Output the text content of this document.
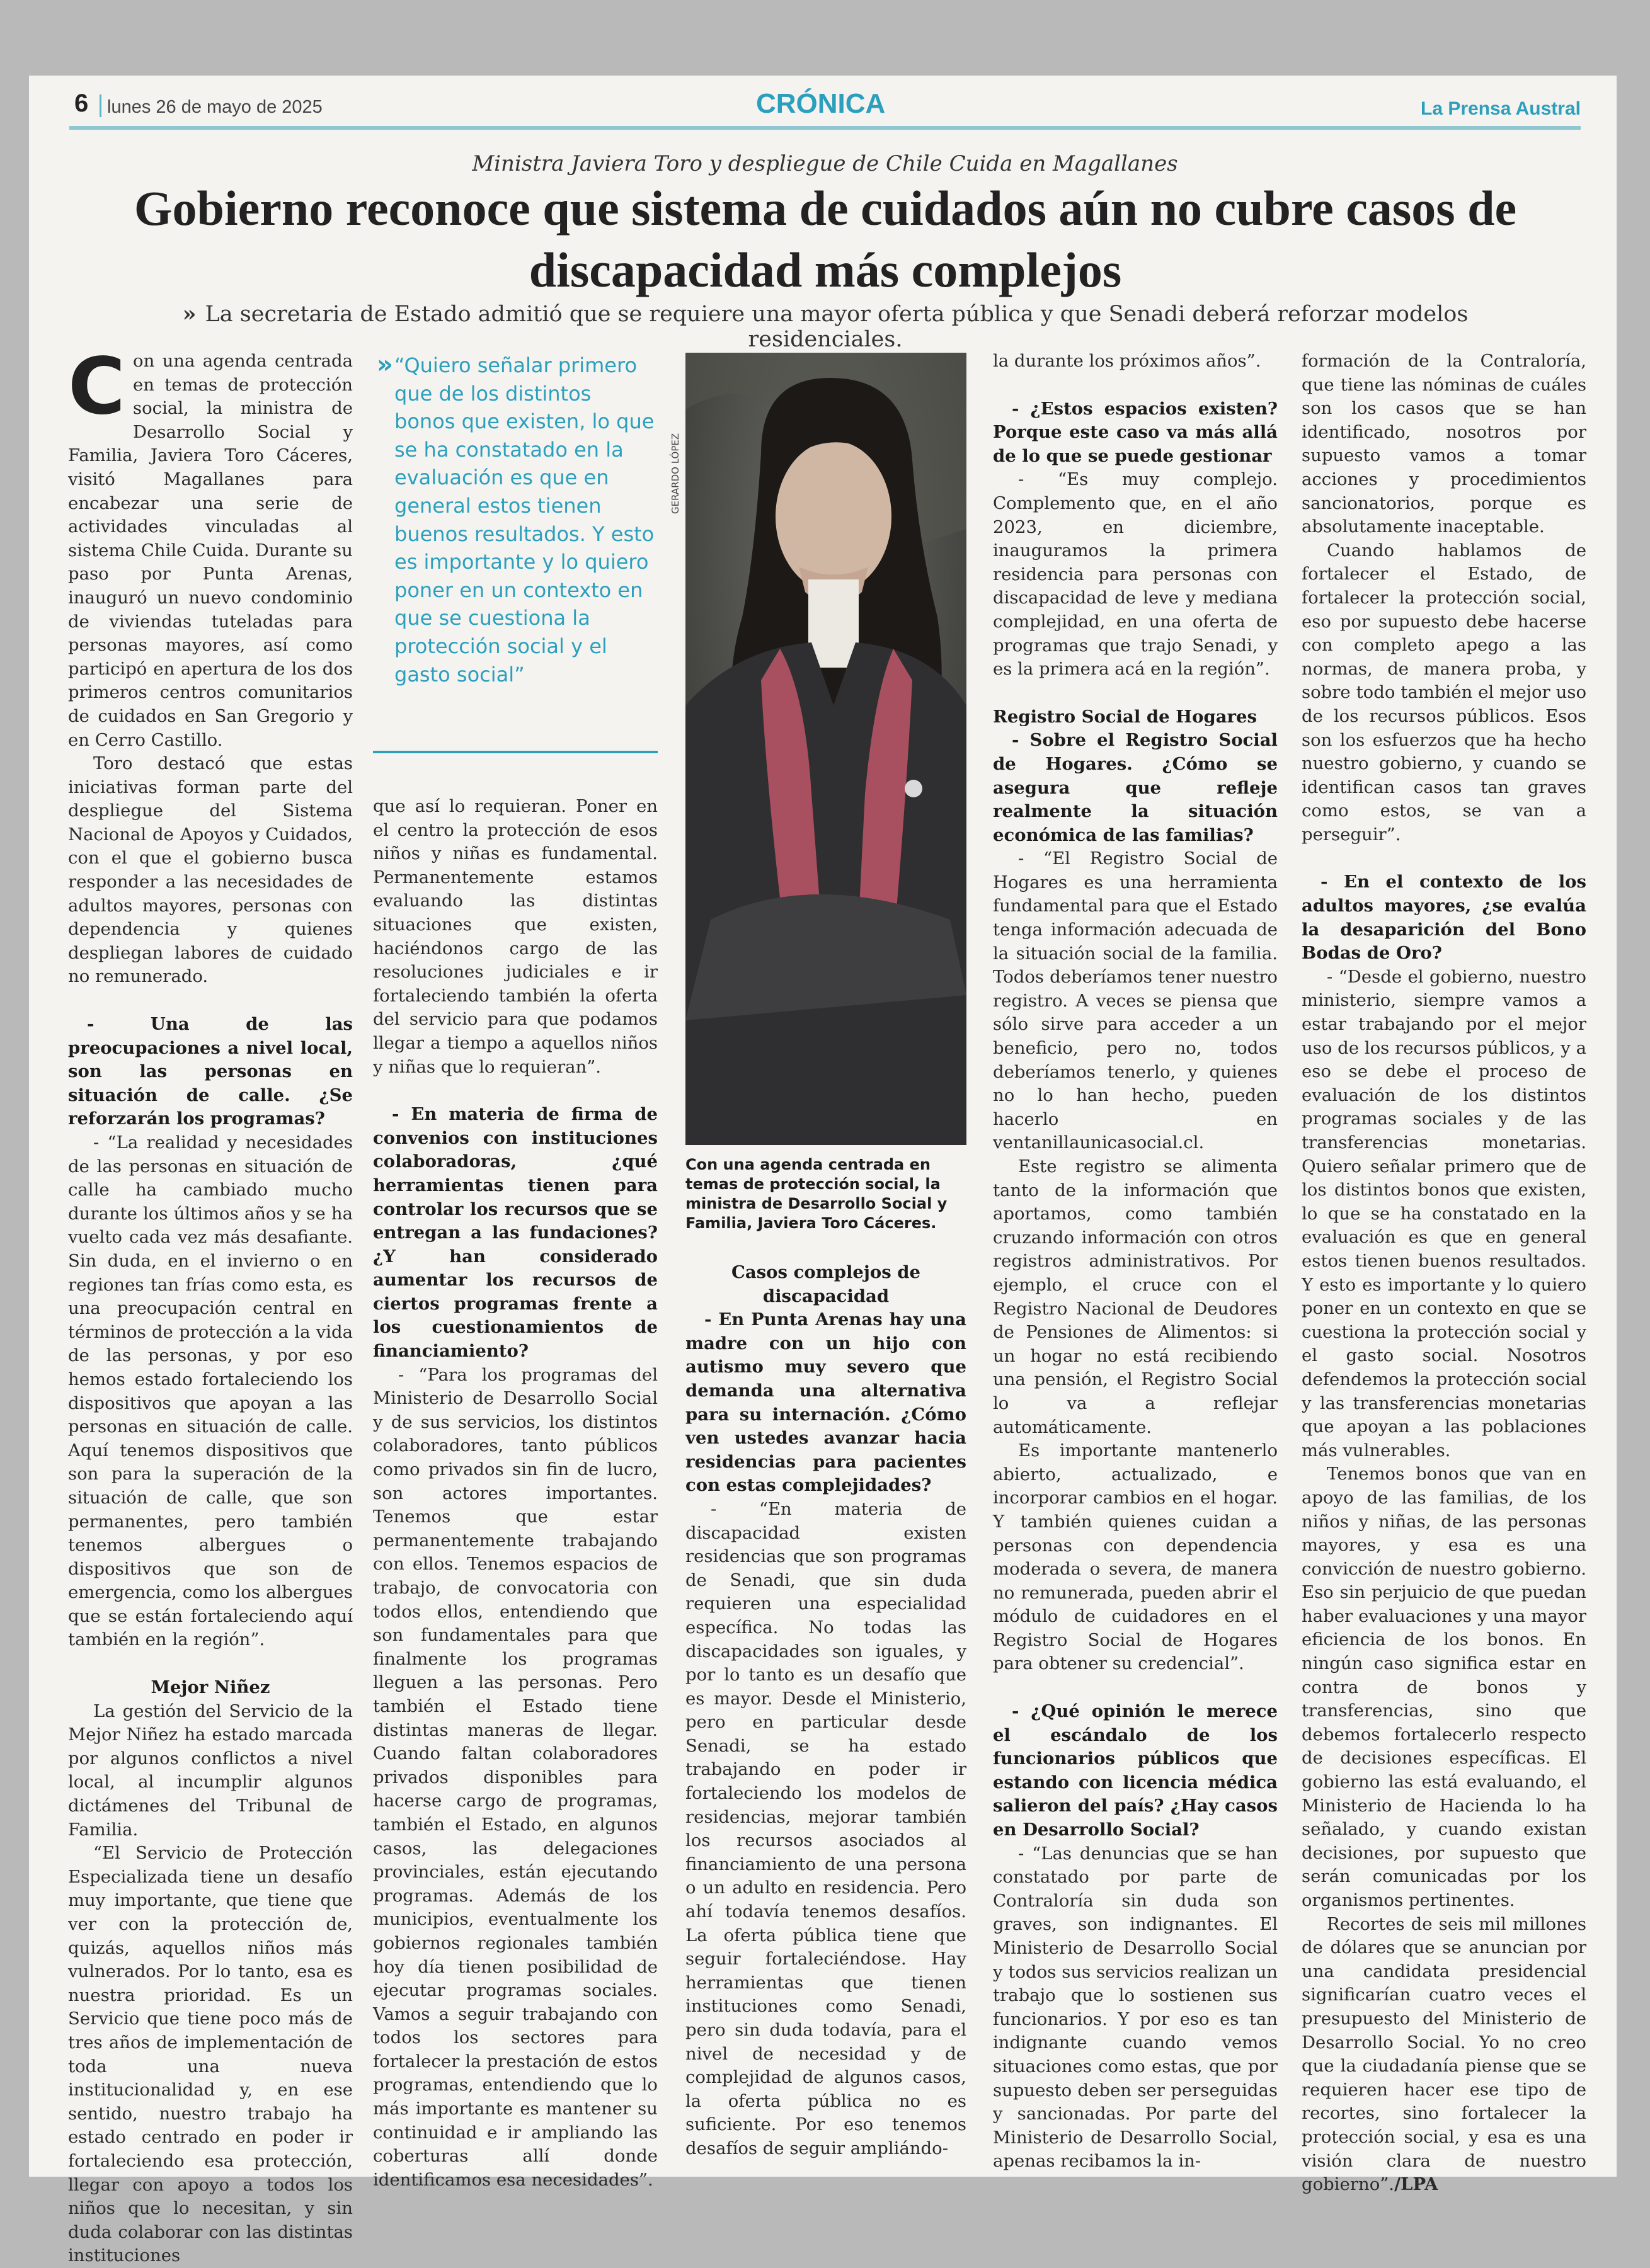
6 lunes 26 de mayo de 2025	CRÓNICA	La Prensa Austral
Ministra Javiera Toro y despliegue de Chile Cuida en Magallanes
Gobierno reconoce que sistema de cuidados aún no cubre casos de discapacidad más complejos
» La secretaria de Estado admitió que se requiere una mayor oferta pública y que Senadi deberá reforzar modelos residenciales.

Con una agenda centrada en temas de protección social, la ministra de Desarrollo Social y Familia, Javiera Toro Cáceres, visitó Magallanes para encabezar una serie de actividades vinculadas al sistema Chile Cuida. Durante su paso por Punta Arenas, inauguró un nuevo condominio de viviendas tuteladas para personas mayores, así como participó en apertura de los dos primeros centros comunitarios de cuidados en San Gregorio y en Cerro Castillo.

Toro destacó que estas iniciativas forman parte del despliegue del Sistema Nacional de Apoyos y Cuidados, con el que el gobierno busca responder a las necesidades de adultos mayores, personas con dependencia y quienes despliegan labores de cuidado no remunerado.

- Una de las preocupaciones a nivel local, son las personas en situación de calle. ¿Se reforzarán los programas?

- “La realidad y necesidades de las personas en situación de calle ha cambiado mucho durante los últimos años y se ha vuelto cada vez más desafiante. Sin duda, en el invierno o en regiones tan frías como esta, es una preocupación central en términos de protección a la vida de las personas, y por eso hemos estado fortaleciendo los dispositivos que apoyan a las personas en situación de calle. Aquí tenemos dispositivos que son para la superación de la situación de calle, que son permanentes, pero también tenemos albergues o dispositivos que son de emergencia, como los albergues que se están fortaleciendo aquí también en la región”.

Mejor Niñez

La gestión del Servicio de la Mejor Niñez ha estado marcada por algunos conflictos a nivel local, al incumplir algunos dictámenes del Tribunal de Familia.

“El Servicio de Protección Especializada tiene un desafío muy importante, que tiene que ver con la protección de, quizás, aquellos niños más vulnerados. Por lo tanto, esa es nuestra prioridad. Es un Servicio que tiene poco más de tres años de implementación de toda una nueva institucionalidad y, en ese sentido, nuestro trabajo ha estado centrado en poder ir fortaleciendo esa protección, llegar con apoyo a todos los niños que lo necesitan, y sin duda colaborar con las distintas instituciones

» “Quiero señalar primero que de los distintos bonos que existen, lo que se ha constatado en la evaluación es que en general estos tienen buenos resultados. Y esto es importante y lo quiero poner en un contexto en que se cuestiona la protección social y el gasto social”

que así lo requieran. Poner en el centro la protección de esos niños y niñas es fundamental. Permanentemente estamos evaluando las distintas situaciones que existen, haciéndonos cargo de las resoluciones judiciales e ir fortaleciendo también la oferta del servicio para que podamos llegar a tiempo a aquellos niños y niñas que lo requieran”.

- En materia de firma de convenios con instituciones colaboradoras, ¿qué herramientas tienen para controlar los recursos que se entregan a las fundaciones? ¿Y han considerado aumentar los recursos de ciertos programas frente a los cuestionamientos de financiamiento?

- “Para los programas del Ministerio de Desarrollo Social y de sus servicios, los distintos colaboradores, tanto públicos como privados sin fin de lucro, son actores importantes. Tenemos que estar permanentemente trabajando con ellos. Tenemos espacios de trabajo, de convocatoria con todos ellos, entendiendo que son fundamentales para que finalmente los programas lleguen a las personas. Pero también el Estado tiene distintas maneras de llegar. Cuando faltan colaboradores privados disponibles para hacerse cargo de programas, también el Estado, en algunos casos, las delegaciones provinciales, están ejecutando programas. Además de los municipios, eventualmente los gobiernos regionales también hoy día tienen posibilidad de ejecutar programas sociales. Vamos a seguir trabajando con todos los sectores para fortalecer la prestación de estos programas, entendiendo que lo más importante es mantener su continuidad e ir ampliando las coberturas allí donde identificamos esa necesidades”.

GERARDO LÓPEZ
Con una agenda centrada en temas de protección social, la ministra de Desarrollo Social y Familia, Javiera Toro Cáceres.

Casos complejos de discapacidad

- En Punta Arenas hay una madre con un hijo con autismo muy severo que demanda una alternativa para su internación. ¿Cómo ven ustedes avanzar hacia residencias para pacientes con estas complejidades?

- “En materia de discapacidad existen residencias que son programas de Senadi, que sin duda requieren una especialidad específica. No todas las discapacidades son iguales, y por lo tanto es un desafío que es mayor. Desde el Ministerio, pero en particular desde Senadi, se ha estado trabajando en poder ir fortaleciendo los modelos de residencias, mejorar también los recursos asociados al financiamiento de una persona o un adulto en residencia. Pero ahí todavía tenemos desafíos. La oferta pública tiene que seguir fortaleciéndose. Hay herramientas que tienen instituciones como Senadi, pero sin duda todavía, para el nivel de necesidad y de complejidad de algunos casos, la oferta pública no es suficiente. Por eso tenemos desafíos de seguir ampliándo-

la durante los próximos años”.

- ¿Estos espacios existen? Porque este caso va más allá de lo que se puede gestionar

- “Es muy complejo. Complemento que, en el año 2023, en diciembre, inauguramos la primera residencia para personas con discapacidad de leve y mediana complejidad, en una oferta de programas que trajo Senadi, y es la primera acá en la región”.

Registro Social de Hogares

- Sobre el Registro Social de Hogares. ¿Cómo se asegura que refleje realmente la situación económica de las familias?

- “El Registro Social de Hogares es una herramienta fundamental para que el Estado tenga información adecuada de la situación social de la familia. Todos deberíamos tener nuestro registro. A veces se piensa que sólo sirve para acceder a un beneficio, pero no, todos deberíamos tenerlo, y quienes no lo han hecho, pueden hacerlo en ventanillaunicasocial.cl.

Este registro se alimenta tanto de la información que aportamos, como también cruzando información con otros registros administrativos. Por ejemplo, el cruce con el Registro Nacional de Deudores de Pensiones de Alimentos: si un hogar no está recibiendo una pensión, el Registro Social lo va a reflejar automáticamente.

Es importante mantenerlo abierto, actualizado, e incorporar cambios en el hogar. Y también quienes cuidan a personas con dependencia moderada o severa, de manera no remunerada, pueden abrir el módulo de cuidadores en el Registro Social de Hogares para obtener su credencial”.

- ¿Qué opinión le merece el escándalo de los funcionarios públicos que estando con licencia médica salieron del país? ¿Hay casos en Desarrollo Social?

- “Las denuncias que se han constatado por parte de Contraloría sin duda son graves, son indignantes. El Ministerio de Desarrollo Social y todos sus servicios realizan un trabajo que lo sostienen sus funcionarios. Y por eso es tan indignante cuando vemos situaciones como estas, que por supuesto deben ser perseguidas y sancionadas. Por parte del Ministerio de Desarrollo Social, apenas recibamos la in-

formación de la Contraloría, que tiene las nóminas de cuáles son los casos que se han identificado, nosotros por supuesto vamos a tomar acciones y procedimientos sancionatorios, porque es absolutamente inaceptable.

Cuando hablamos de fortalecer el Estado, de fortalecer la protección social, eso por supuesto debe hacerse con completo apego a las normas, de manera proba, y sobre todo también el mejor uso de los recursos públicos. Esos son los esfuerzos que ha hecho nuestro gobierno, y cuando se identifican casos tan graves como estos, se van a perseguir”.

- En el contexto de los adultos mayores, ¿se evalúa la desaparición del Bono Bodas de Oro?

- “Desde el gobierno, nuestro ministerio, siempre vamos a estar trabajando por el mejor uso de los recursos públicos, y a eso se debe el proceso de evaluación de los distintos programas sociales y de las transferencias monetarias. Quiero señalar primero que de los distintos bonos que existen, lo que se ha constatado en la evaluación es que en general estos tienen buenos resultados. Y esto es importante y lo quiero poner en un contexto en que se cuestiona la protección social y el gasto social. Nosotros defendemos la protección social y las transferencias monetarias que apoyan a las poblaciones más vulnerables.

Tenemos bonos que van en apoyo de las familias, de los niños y niñas, de las personas mayores, y esa es una convicción de nuestro gobierno. Eso sin perjuicio de que puedan haber evaluaciones y una mayor eficiencia de los bonos. En ningún caso significa estar en contra de bonos y transferencias, sino que debemos fortalecerlo respecto de decisiones específicas. El gobierno las está evaluando, el Ministerio de Hacienda lo ha señalado, y cuando existan decisiones, por supuesto que serán comunicadas por los organismos pertinentes.

Recortes de seis mil millones de dólares que se anuncian por una candidata presidencial significarían cuatro veces el presupuesto del Ministerio de Desarrollo Social. Yo no creo que la ciudadanía piense que se requieren hacer ese tipo de recortes, sino fortalecer la protección social, y esa es una visión clara de nuestro gobierno”./LPA
